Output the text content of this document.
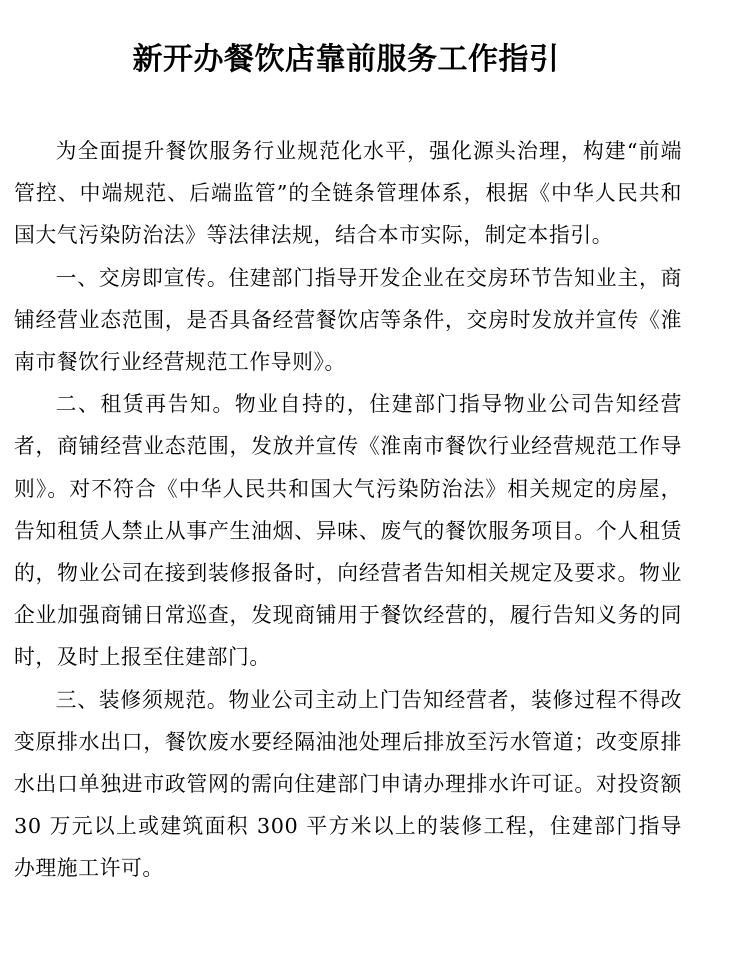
新开办餐饮店靠前服务工作指引

为全面提升餐饮服务行业规范化水平，强化源头治理，构建“前端管控、中端规范、后端监管”的全链条管理体系，根据《中华人民共和国大气污染防治法》等法律法规，结合本市实际，制定本指引。

一、交房即宣传。住建部门指导开发企业在交房环节告知业主，商铺经营业态范围，是否具备经营餐饮店等条件，交房时发放并宣传《淮南市餐饮行业经营规范工作导则》。

二、租赁再告知。物业自持的，住建部门指导物业公司告知经营者，商铺经营业态范围，发放并宣传《淮南市餐饮行业经营规范工作导则》。对不符合《中华人民共和国大气污染防治法》相关规定的房屋，告知租赁人禁止从事产生油烟、异味、废气的餐饮服务项目。个人租赁的，物业公司在接到装修报备时，向经营者告知相关规定及要求。物业企业加强商铺日常巡查，发现商铺用于餐饮经营的，履行告知义务的同时，及时上报至住建部门。

三、装修须规范。物业公司主动上门告知经营者，装修过程不得改变原排水出口，餐饮废水要经隔油池处理后排放至污水管道；改变原排水出口单独进市政管网的需向住建部门申请办理排水许可证。对投资额 30 万元以上或建筑面积 300 平方米以上的装修工程，住建部门指导办理施工许可。
